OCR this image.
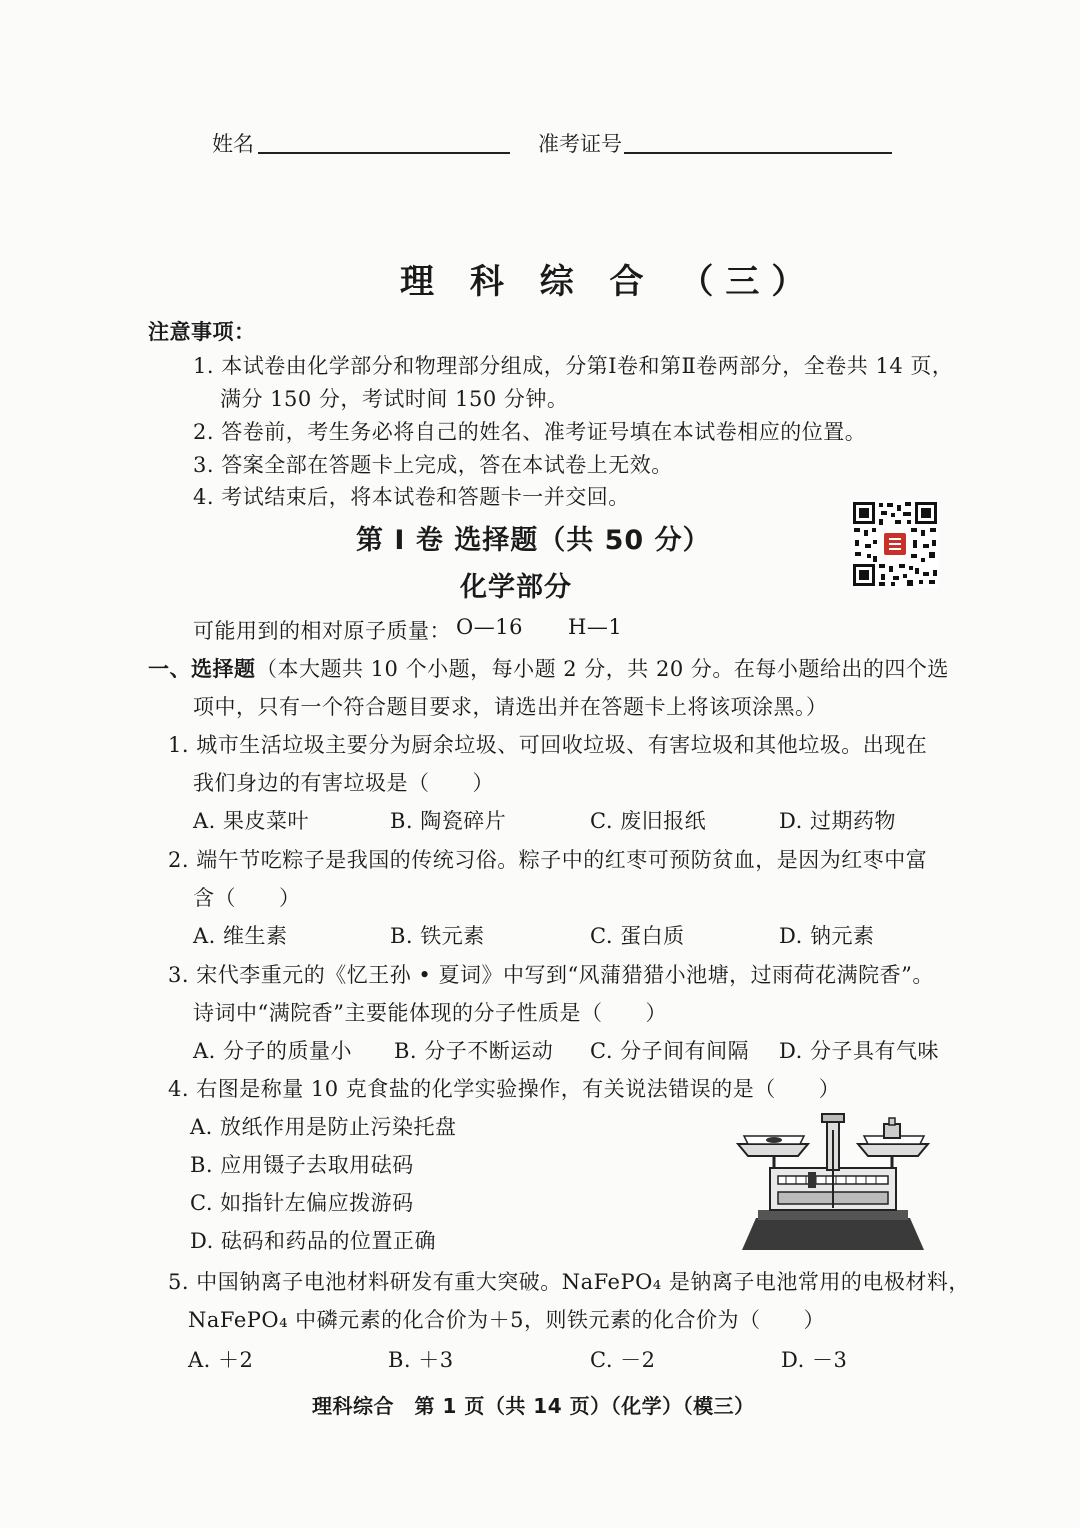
姓名	准考证号
理 科 综 合 （三）
注意事项：
1. 本试卷由化学部分和物理部分组成，分第Ⅰ卷和第Ⅱ卷两部分，全卷共 14 页，
满分 150 分，考试时间 150 分钟。
2. 答卷前，考生务必将自己的姓名、准考证号填在本试卷相应的位置。
3. 答案全部在答题卡上完成，答在本试卷上无效。
4. 考试结束后，将本试卷和答题卡一并交回。
第 I 卷 选择题（共 50 分）
化学部分
可能用到的相对原子质量： O—16 H—1
一、选择题 （本大题共 10 个小题，每小题 2 分，共 20 分。在每小题给出的四个选
项中，只有一个符合题目要求，请选出并在答题卡上将该项涂黑。）
1. 城市生活垃圾主要分为厨余垃圾、可回收垃圾、有害垃圾和其他垃圾。出现在
我们身边的有害垃圾是（　　）
A. 果皮菜叶	B. 陶瓷碎片	C. 废旧报纸	D. 过期药物
2. 端午节吃粽子是我国的传统习俗。粽子中的红枣可预防贫血，是因为红枣中富
含（　　）
A. 维生素	B. 铁元素	C. 蛋白质	D. 钠元素
3. 宋代李重元的《忆王孙 • 夏词》中写到“风蒲猎猎小池塘，过雨荷花满院香”。
诗词中“满院香”主要能体现的分子性质是（　　）
A. 分子的质量小 B. 分子不断运动 C. 分子间有间隔 D. 分子具有气味
4. 右图是称量 10 克食盐的化学实验操作，有关说法错误的是（　　）
A. 放纸作用是防止污染托盘
B. 应用镊子去取用砝码
C. 如指针左偏应拨游码
D. 砝码和药品的位置正确
5. 中国钠离子电池材料研发有重大突破。NaFePO₄ 是钠离子电池常用的电极材料，
NaFePO₄ 中磷元素的化合价为＋5，则铁元素的化合价为（　　）
A. ＋2	B. ＋3	C. －2	D. －3
理科综合　第 1 页（共 14 页）（化学）（模三）
